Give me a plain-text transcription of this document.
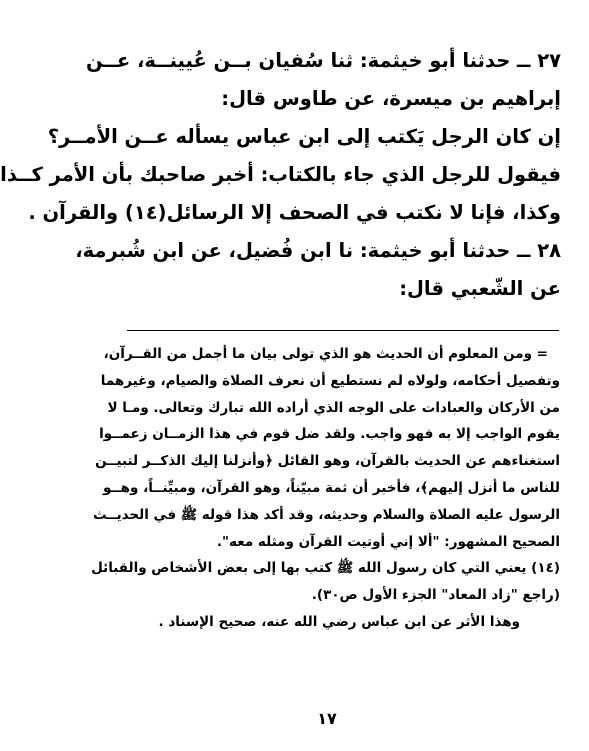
٢٧ ــ حدثنا أبو خيثمة: ثنا سُفيان بــن عُيينــة، عــن

إبراهيم بن ميسرة، عن طاوس قال:

إن كان الرجل يَكتب إلى ابن عباس يسأله عــن الأمــر؟

فيقول للرجل الذي جاء بالكتاب: أخبر صاحبك بأن الأمر كــذا

وكذا، فإنا لا نكتب في الصحف إلا الرسائل(١٤) والقرآن .

٢٨ ــ حدثنا أبو خيثمة: نا ابن فُضيل، عن ابن شُبرمة،

عن الشّعبي قال:

= ومن المعلوم أن الحديث هو الذي تولى بيان ما أجمل من القــرآن،

وتفصيل أحكامه، ولولاه لم نستطيع أن نعرف الصلاة والصيام، وغيرهما

من الأركان والعبادات على الوجه الذي أراده الله تبارك وتعالى. ومـا لا

يقوم الواجب إلا به فهو واجب. ولقد ضل قوم في هذا الزمــان زعمــوا

استغناءهم عن الحديث بالقرآن، وهو القائل ﴿وأنزلنا إليك الذكــر لتبيــن

للناس ما أنزل إليهم﴾، فأخبر أن ثمة مبيّناً، وهو القرآن، ومبيِّنــاً، وهــو

الرسول عليه الصلاة والسلام وحديثه، وقد أكد هذا قوله ﷺ في الحديــث

الصحيح المشهور: "ألا إني أوتيت القرآن ومثله معه".

(١٤) يعني التي كان رسول الله ﷺ كتب بها إلى بعض الأشخاص والقبائل

(راجع "زاد المعاد" الجزء الأول ص٣٠).

وهذا الأثر عن ابن عباس رضي الله عنه، صحيح الإسناد .

١٧
